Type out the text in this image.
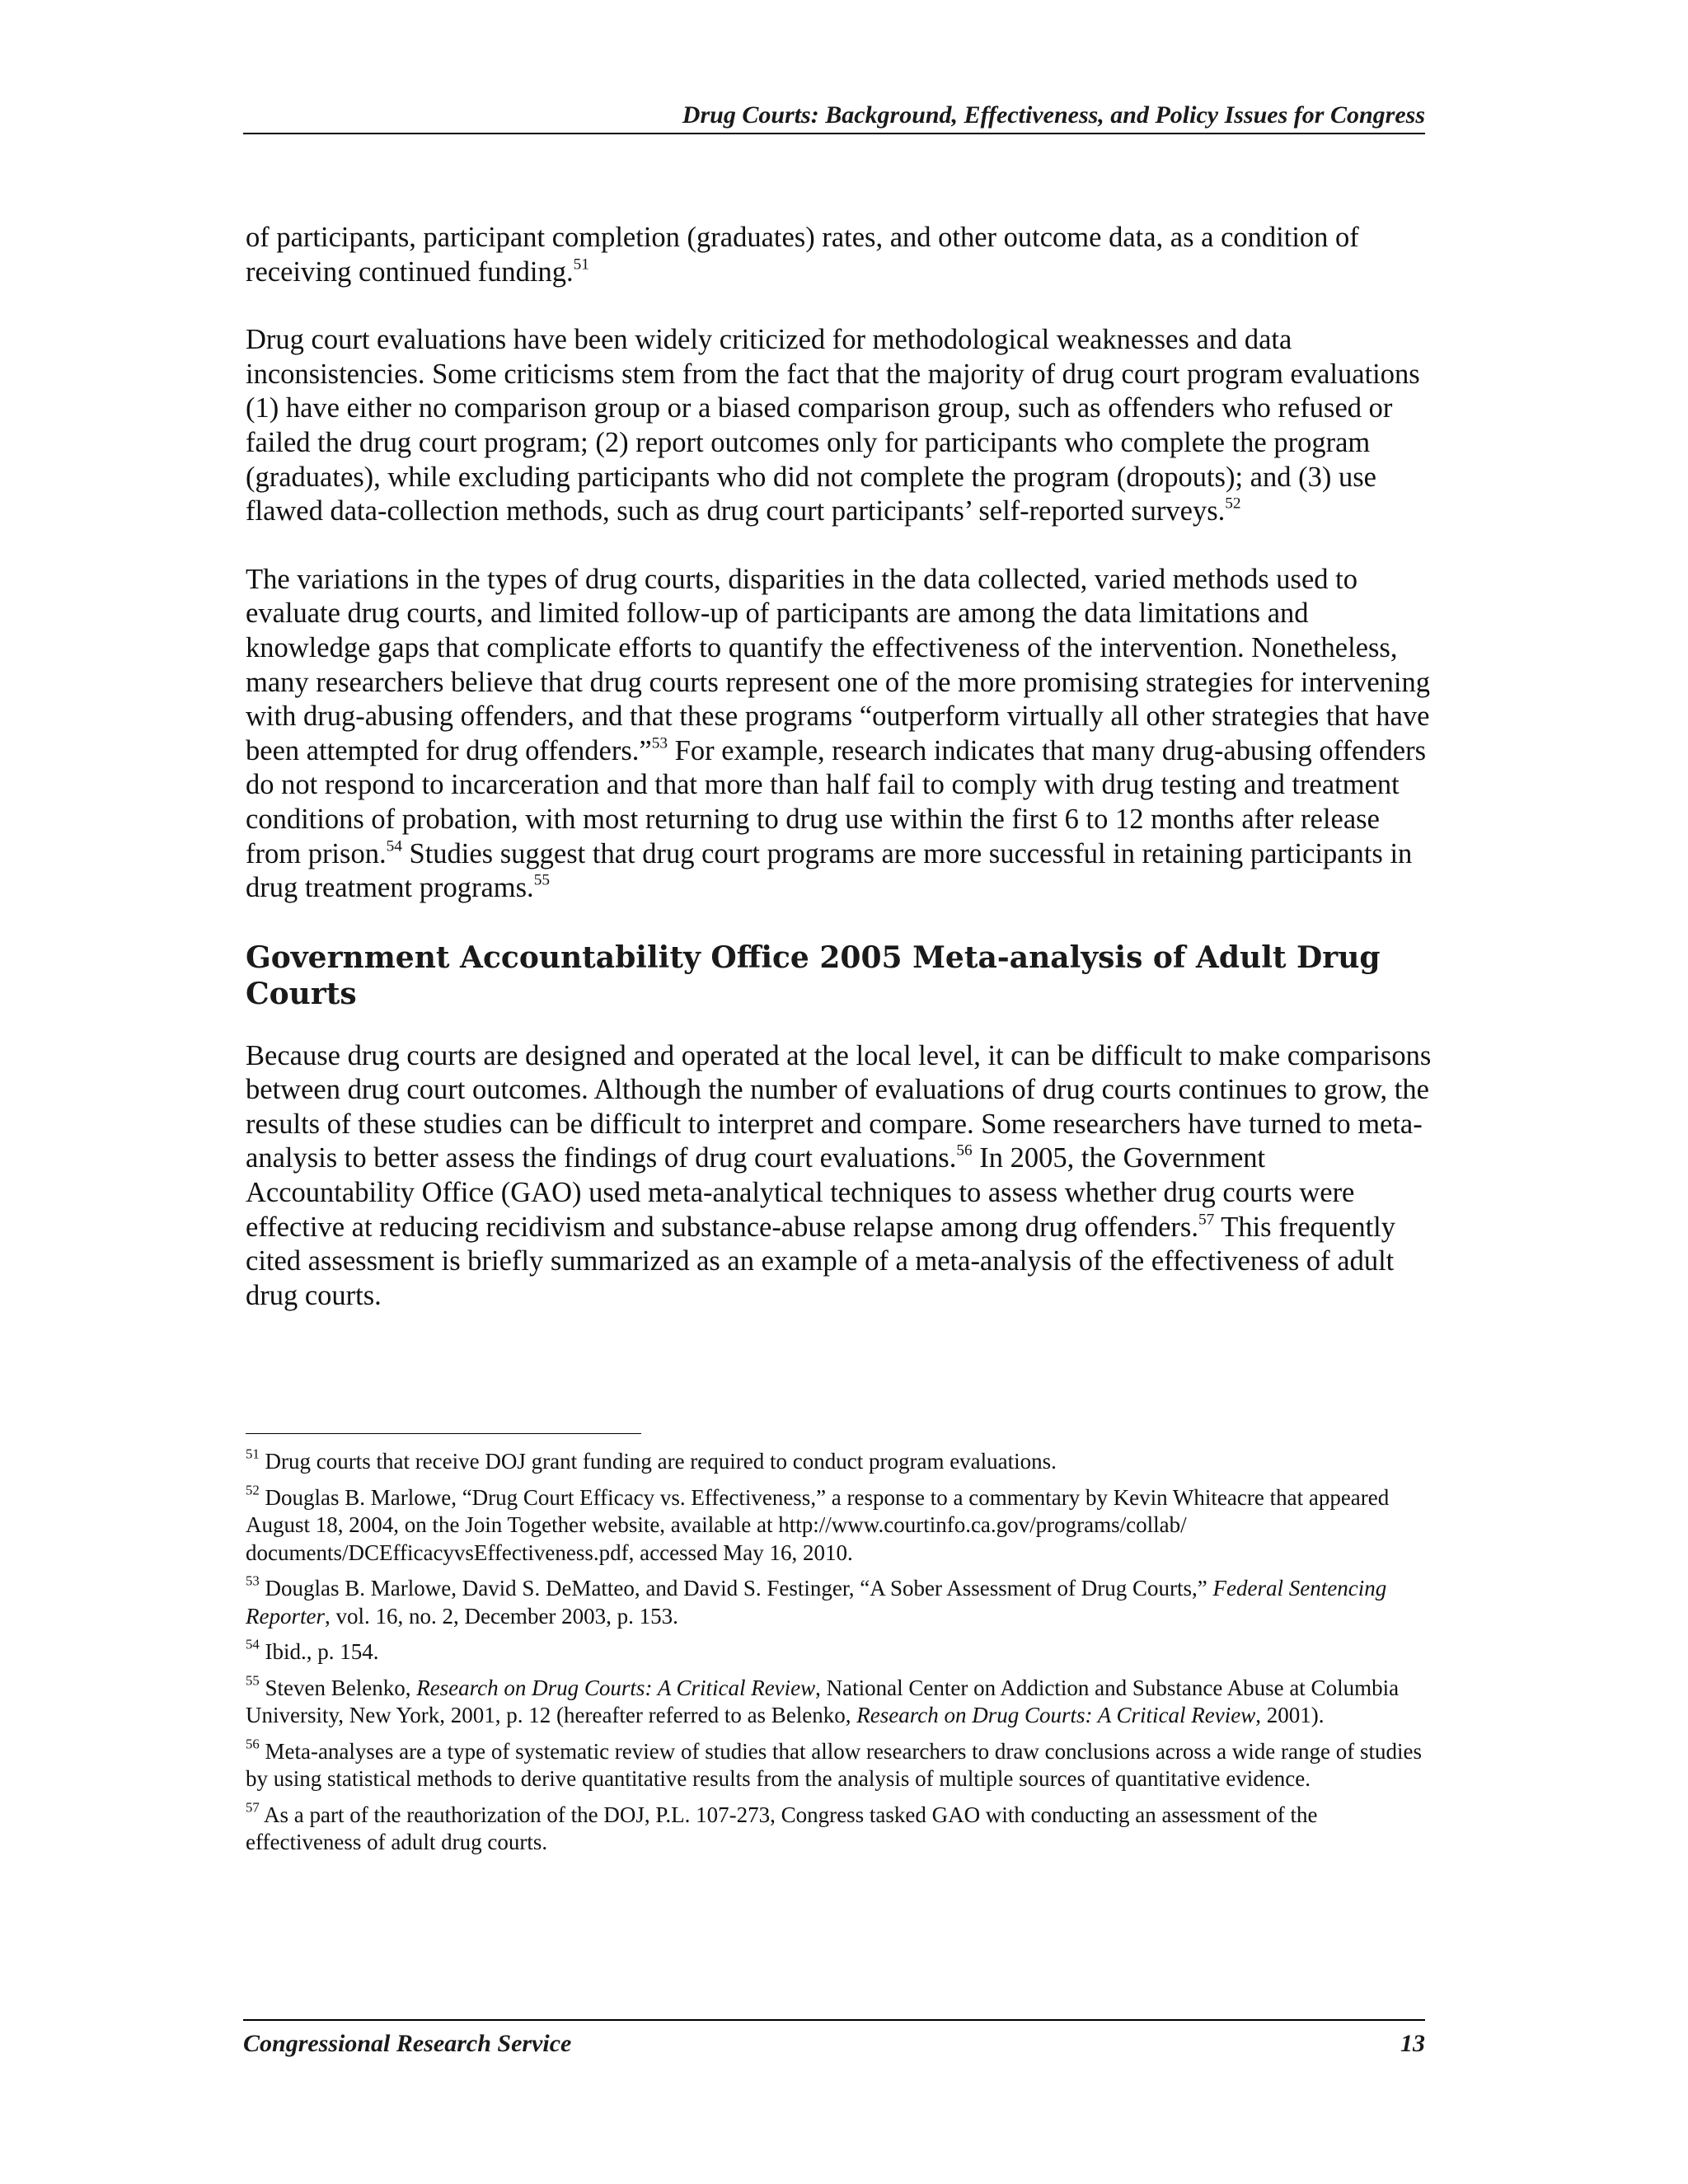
Drug Courts: Background, Effectiveness, and Policy Issues for Congress

of participants, participant completion (graduates) rates, and other outcome data, as a condition of receiving continued funding.$^{51}$

Drug court evaluations have been widely criticized for methodological weaknesses and data inconsistencies. Some criticisms stem from the fact that the majority of drug court program evaluations (1) have either no comparison group or a biased comparison group, such as offenders who refused or failed the drug court program; (2) report outcomes only for participants who complete the program (graduates), while excluding participants who did not complete the program (dropouts); and (3) use flawed data-collection methods, such as drug court participants’ self-reported surveys.$^{52}$

The variations in the types of drug courts, disparities in the data collected, varied methods used to evaluate drug courts, and limited follow-up of participants are among the data limitations and knowledge gaps that complicate efforts to quantify the effectiveness of the intervention. Nonetheless, many researchers believe that drug courts represent one of the more promising strategies for intervening with drug-abusing offenders, and that these programs “outperform virtually all other strategies that have been attempted for drug offenders.”$^{53}$ For example, research indicates that many drug-abusing offenders do not respond to incarceration and that more than half fail to comply with drug testing and treatment conditions of probation, with most returning to drug use within the first 6 to 12 months after release from prison.$^{54}$ Studies suggest that drug court programs are more successful in retaining participants in drug treatment programs.$^{55}$

Government Accountability Office 2005 Meta-analysis of Adult Drug Courts

Because drug courts are designed and operated at the local level, it can be difficult to make comparisons between drug court outcomes. Although the number of evaluations of drug courts continues to grow, the results of these studies can be difficult to interpret and compare. Some researchers have turned to meta-analysis to better assess the findings of drug court evaluations.$^{56}$ In 2005, the Government Accountability Office (GAO) used meta-analytical techniques to assess whether drug courts were effective at reducing recidivism and substance-abuse relapse among drug offenders.$^{57}$ This frequently cited assessment is briefly summarized as an example of a meta-analysis of the effectiveness of adult drug courts.

$^{51}$ Drug courts that receive DOJ grant funding are required to conduct program evaluations.
$^{52}$ Douglas B. Marlowe, “Drug Court Efficacy vs. Effectiveness,” a response to a commentary by Kevin Whiteacre that appeared August 18, 2004, on the Join Together website, available at http://www.courtinfo.ca.gov/programs/collab/ documents/DCEfficacyvsEffectiveness.pdf, accessed May 16, 2010.
$^{53}$ Douglas B. Marlowe, David S. DeMatteo, and David S. Festinger, “A Sober Assessment of Drug Courts,” Federal Sentencing Reporter, vol. 16, no. 2, December 2003, p. 153.
$^{54}$ Ibid., p. 154.
$^{55}$ Steven Belenko, Research on Drug Courts: A Critical Review, National Center on Addiction and Substance Abuse at Columbia University, New York, 2001, p. 12 (hereafter referred to as Belenko, Research on Drug Courts: A Critical Review, 2001).
$^{56}$ Meta-analyses are a type of systematic review of studies that allow researchers to draw conclusions across a wide range of studies by using statistical methods to derive quantitative results from the analysis of multiple sources of quantitative evidence.
$^{57}$ As a part of the reauthorization of the DOJ, P.L. 107-273, Congress tasked GAO with conducting an assessment of the effectiveness of adult drug courts.
Congressional Research Service	13
